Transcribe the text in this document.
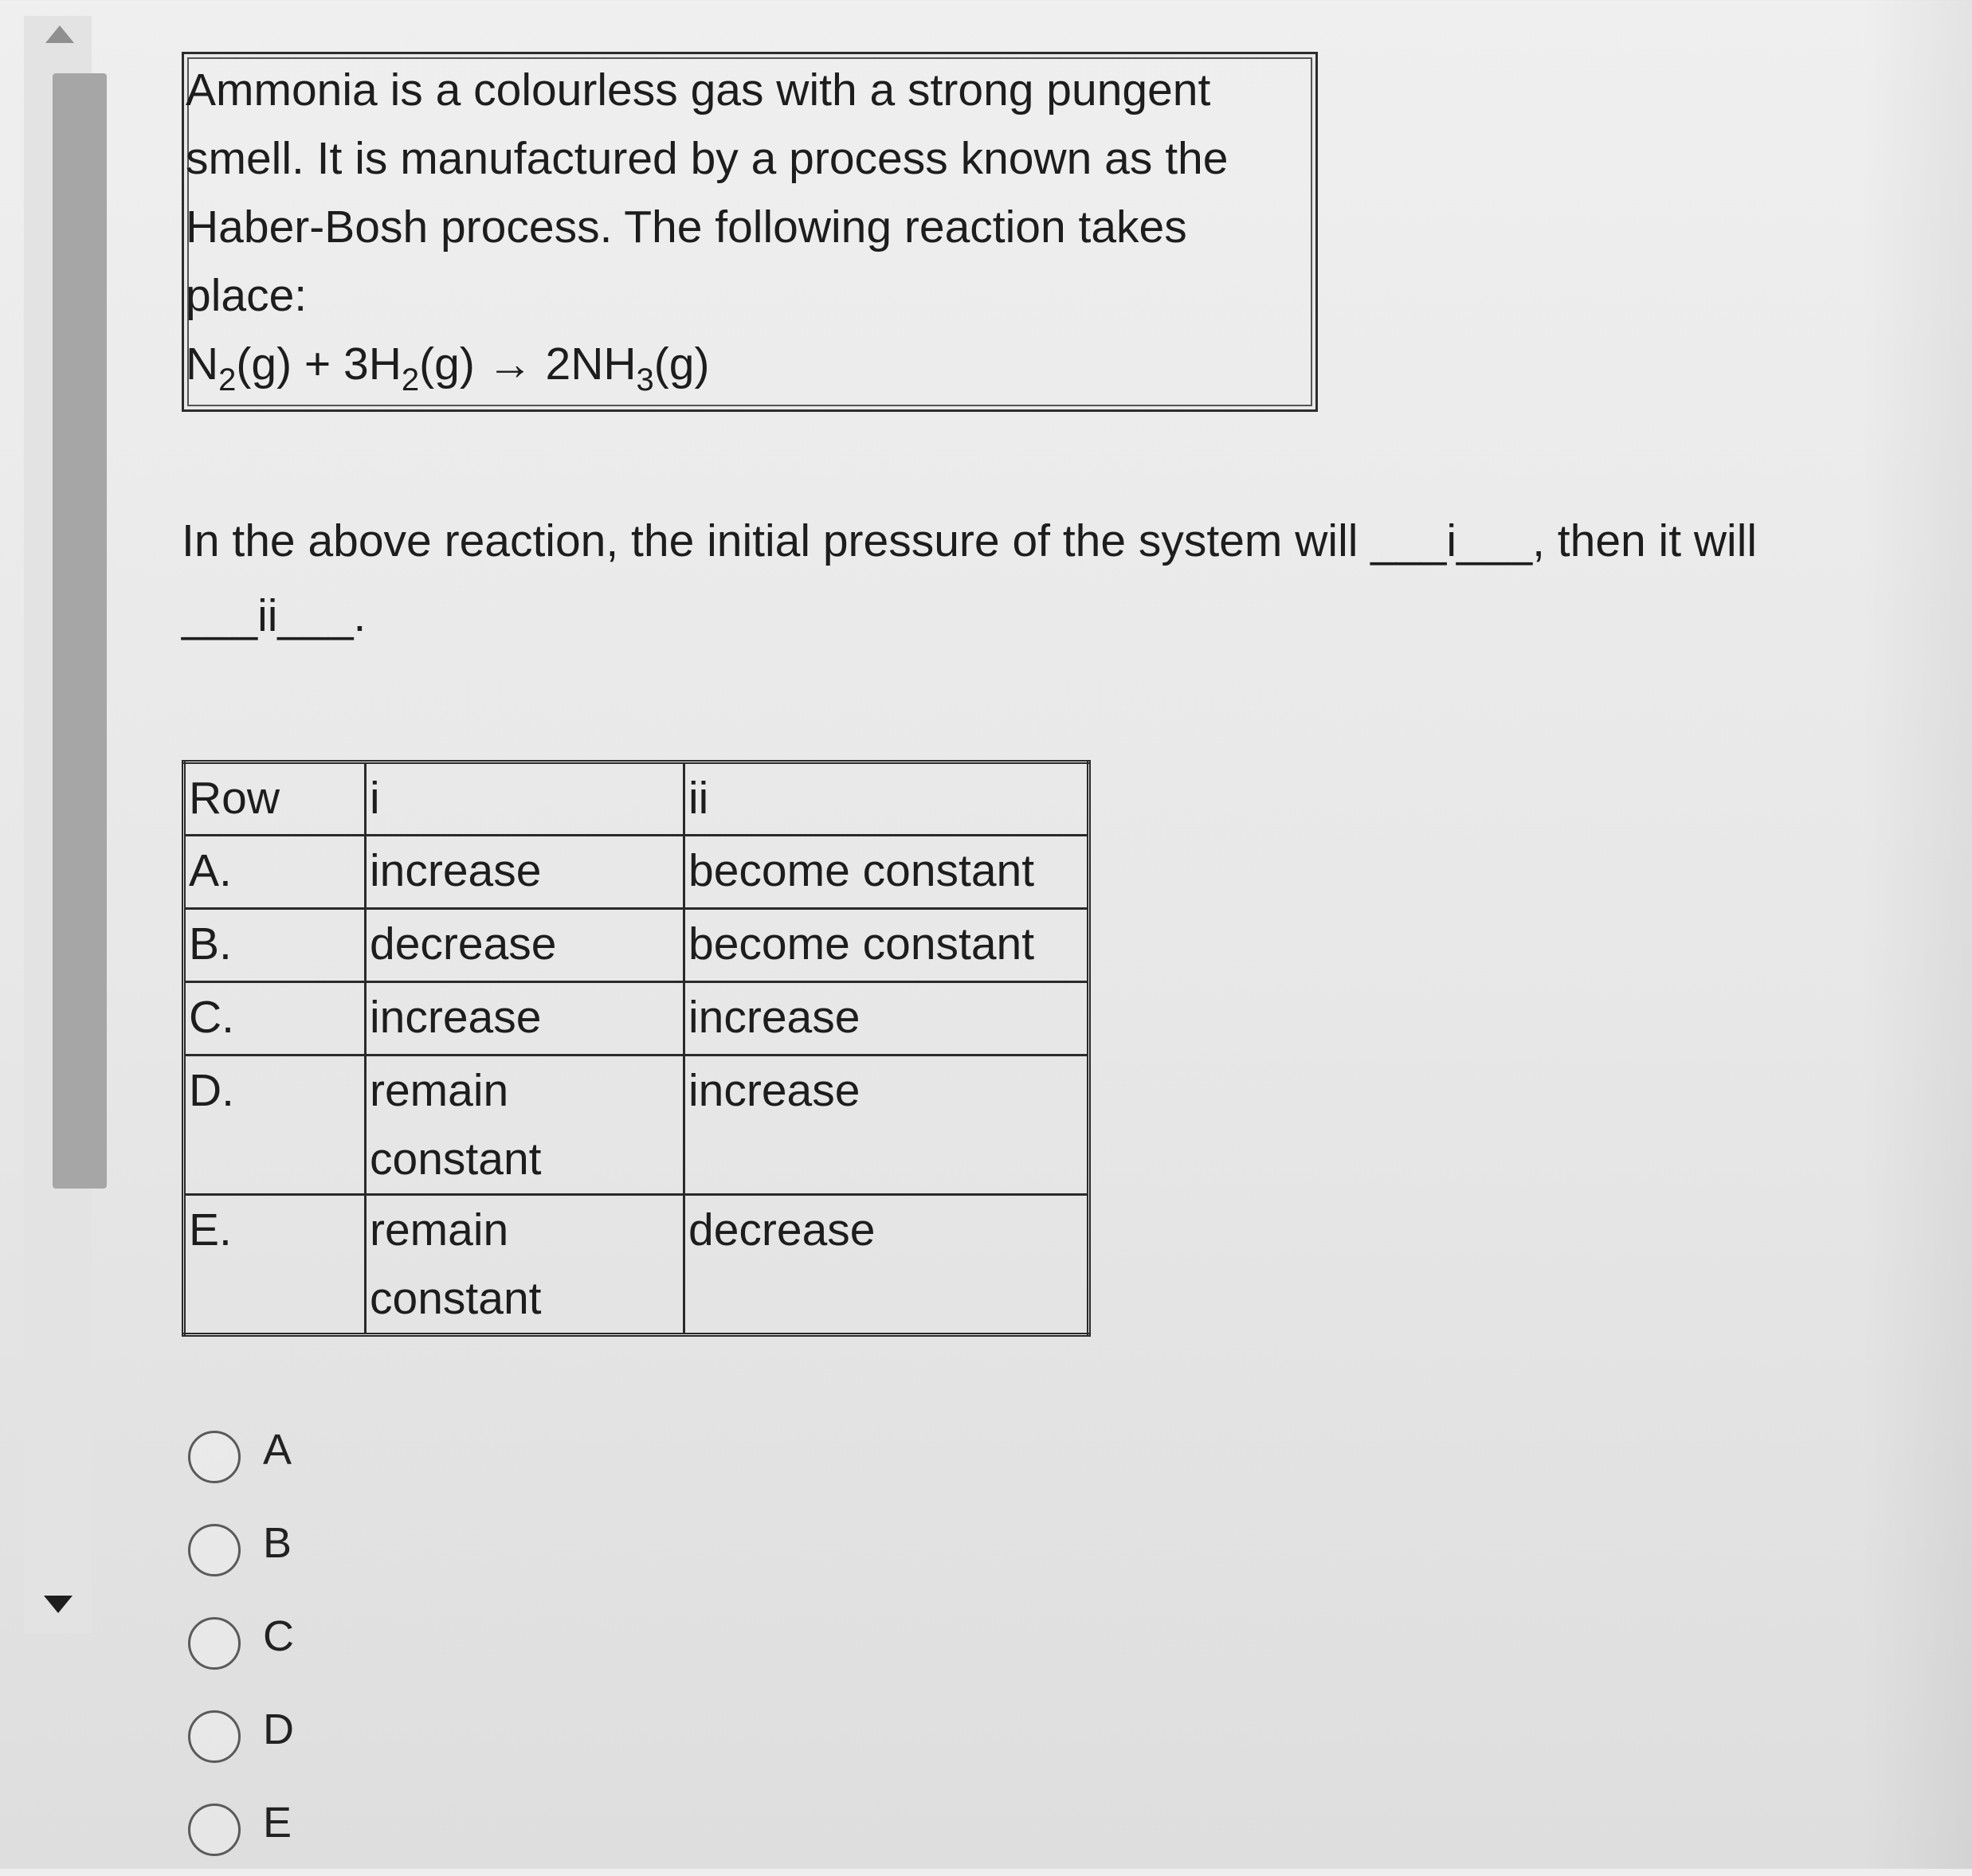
Ammonia is a colourless gas with a strong pungent smell. It is manufactured by a process known as the Haber-Bosh process. The following reaction takes place:

$N_2(g) + 3H_2(g) \to 2NH_3(g)$

In the above reaction, the initial pressure of the system will ___i___, then it will ___ii___.
Row	i	ii
A.	increase	become constant
B.	decrease	become constant
C.	increase	increase
D.	remain constant	increase
E.	remain constant	decrease
A
B
C
D
E
